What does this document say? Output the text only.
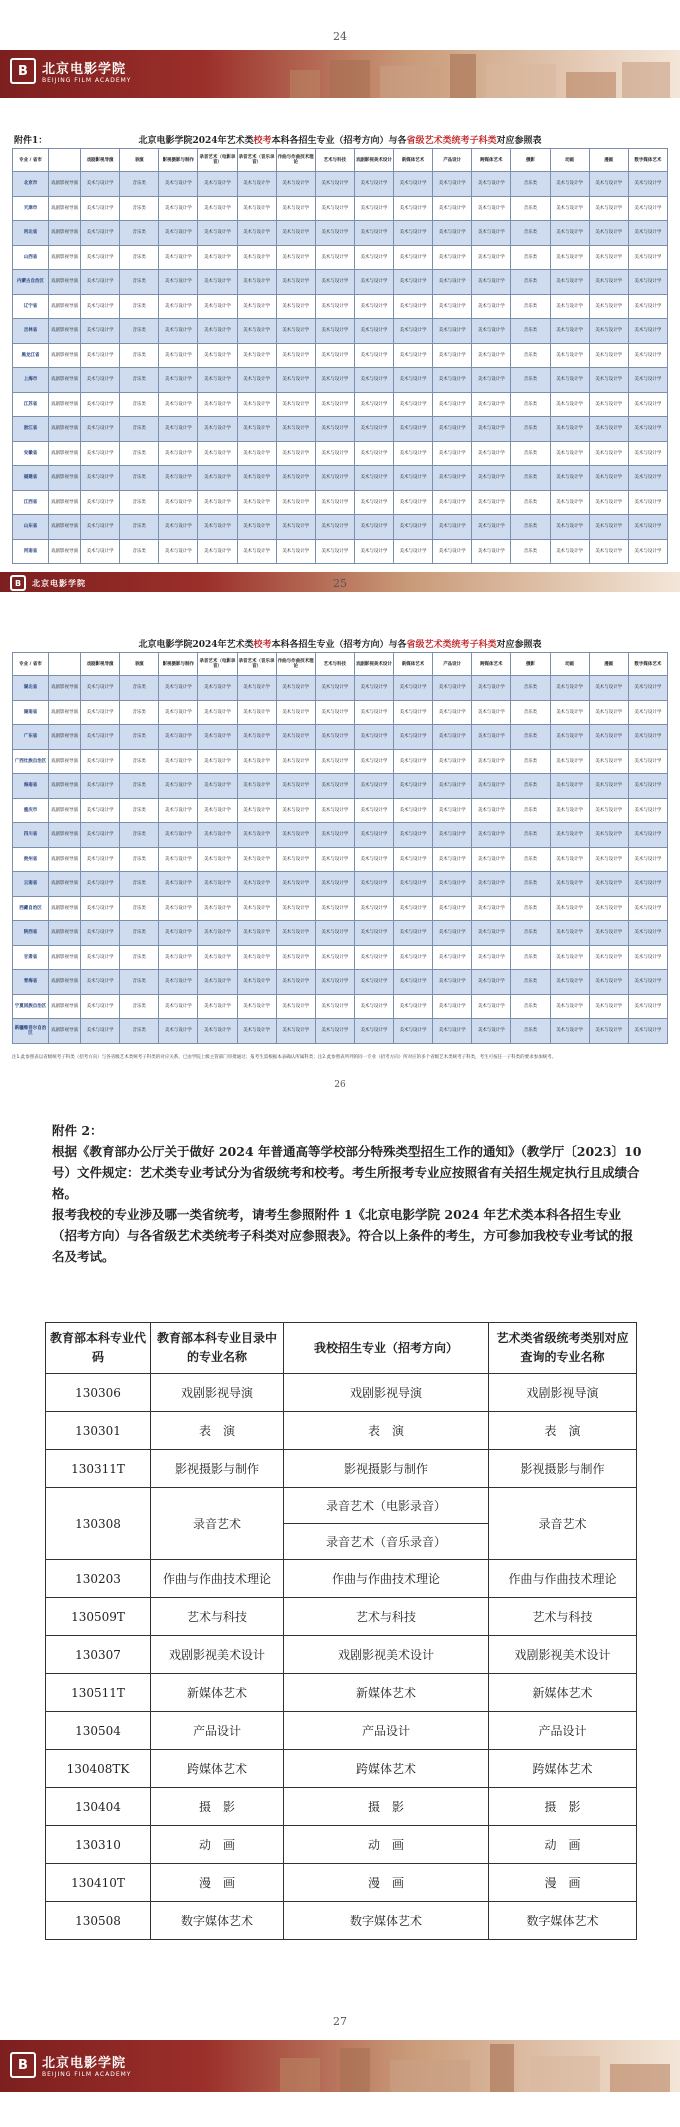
24
B	北京电影学院
BEIJING FILM ACADEMY
附件1：	北京电影学院2024年艺术类校考本科各招生专业（招考方向）与各省级艺术类统考子科类对应参照表
专业 / 省市		戏剧影视导演	表演	影视摄影与制作	录音艺术（电影录音）	录音艺术（音乐录音）	作曲与作曲技术理论	艺术与科技	戏剧影视美术设计	新媒体艺术	产品设计	跨媒体艺术	摄影	动画	漫画	数字媒体艺术
北京市	戏剧影视导演	美术与设计学	音乐类	美术与设计学	美术与设计学	美术与设计学	美术与设计学	美术与设计学	美术与设计学	美术与设计学	美术与设计学	美术与设计学	音乐类	美术与设计学	美术与设计学	美术与设计学
天津市	戏剧影视导演	美术与设计学	音乐类	美术与设计学	美术与设计学	美术与设计学	美术与设计学	美术与设计学	美术与设计学	美术与设计学	美术与设计学	美术与设计学	音乐类	美术与设计学	美术与设计学	美术与设计学
河北省	戏剧影视导演	美术与设计学	音乐类	美术与设计学	美术与设计学	美术与设计学	美术与设计学	美术与设计学	美术与设计学	美术与设计学	美术与设计学	美术与设计学	音乐类	美术与设计学	美术与设计学	美术与设计学
山西省	戏剧影视导演	美术与设计学	音乐类	美术与设计学	美术与设计学	美术与设计学	美术与设计学	美术与设计学	美术与设计学	美术与设计学	美术与设计学	美术与设计学	音乐类	美术与设计学	美术与设计学	美术与设计学
内蒙古自治区	戏剧影视导演	美术与设计学	音乐类	美术与设计学	美术与设计学	美术与设计学	美术与设计学	美术与设计学	美术与设计学	美术与设计学	美术与设计学	美术与设计学	音乐类	美术与设计学	美术与设计学	美术与设计学
辽宁省	戏剧影视导演	美术与设计学	音乐类	美术与设计学	美术与设计学	美术与设计学	美术与设计学	美术与设计学	美术与设计学	美术与设计学	美术与设计学	美术与设计学	音乐类	美术与设计学	美术与设计学	美术与设计学
吉林省	戏剧影视导演	美术与设计学	音乐类	美术与设计学	美术与设计学	美术与设计学	美术与设计学	美术与设计学	美术与设计学	美术与设计学	美术与设计学	美术与设计学	音乐类	美术与设计学	美术与设计学	美术与设计学
黑龙江省	戏剧影视导演	美术与设计学	音乐类	美术与设计学	美术与设计学	美术与设计学	美术与设计学	美术与设计学	美术与设计学	美术与设计学	美术与设计学	美术与设计学	音乐类	美术与设计学	美术与设计学	美术与设计学
上海市	戏剧影视导演	美术与设计学	音乐类	美术与设计学	美术与设计学	美术与设计学	美术与设计学	美术与设计学	美术与设计学	美术与设计学	美术与设计学	美术与设计学	音乐类	美术与设计学	美术与设计学	美术与设计学
江苏省	戏剧影视导演	美术与设计学	音乐类	美术与设计学	美术与设计学	美术与设计学	美术与设计学	美术与设计学	美术与设计学	美术与设计学	美术与设计学	美术与设计学	音乐类	美术与设计学	美术与设计学	美术与设计学
浙江省	戏剧影视导演	美术与设计学	音乐类	美术与设计学	美术与设计学	美术与设计学	美术与设计学	美术与设计学	美术与设计学	美术与设计学	美术与设计学	美术与设计学	音乐类	美术与设计学	美术与设计学	美术与设计学
安徽省	戏剧影视导演	美术与设计学	音乐类	美术与设计学	美术与设计学	美术与设计学	美术与设计学	美术与设计学	美术与设计学	美术与设计学	美术与设计学	美术与设计学	音乐类	美术与设计学	美术与设计学	美术与设计学
福建省	戏剧影视导演	美术与设计学	音乐类	美术与设计学	美术与设计学	美术与设计学	美术与设计学	美术与设计学	美术与设计学	美术与设计学	美术与设计学	美术与设计学	音乐类	美术与设计学	美术与设计学	美术与设计学
江西省	戏剧影视导演	美术与设计学	音乐类	美术与设计学	美术与设计学	美术与设计学	美术与设计学	美术与设计学	美术与设计学	美术与设计学	美术与设计学	美术与设计学	音乐类	美术与设计学	美术与设计学	美术与设计学
山东省	戏剧影视导演	美术与设计学	音乐类	美术与设计学	美术与设计学	美术与设计学	美术与设计学	美术与设计学	美术与设计学	美术与设计学	美术与设计学	美术与设计学	音乐类	美术与设计学	美术与设计学	美术与设计学
河南省	戏剧影视导演	美术与设计学	音乐类	美术与设计学	美术与设计学	美术与设计学	美术与设计学	美术与设计学	美术与设计学	美术与设计学	美术与设计学	美术与设计学	音乐类	美术与设计学	美术与设计学	美术与设计学
B	北京电影学院	25
北京电影学院2024年艺术类校考本科各招生专业（招考方向）与各省级艺术类统考子科类对应参照表
专业 / 省市		戏剧影视导演	表演	影视摄影与制作	录音艺术（电影录音）	录音艺术（音乐录音）	作曲与作曲技术理论	艺术与科技	戏剧影视美术设计	新媒体艺术	产品设计	跨媒体艺术	摄影	动画	漫画	数字媒体艺术
湖北省	戏剧影视导演	美术与设计学	音乐类	美术与设计学	美术与设计学	美术与设计学	美术与设计学	美术与设计学	美术与设计学	美术与设计学	美术与设计学	美术与设计学	音乐类	美术与设计学	美术与设计学	美术与设计学
湖南省	戏剧影视导演	美术与设计学	音乐类	美术与设计学	美术与设计学	美术与设计学	美术与设计学	美术与设计学	美术与设计学	美术与设计学	美术与设计学	美术与设计学	音乐类	美术与设计学	美术与设计学	美术与设计学
广东省	戏剧影视导演	美术与设计学	音乐类	美术与设计学	美术与设计学	美术与设计学	美术与设计学	美术与设计学	美术与设计学	美术与设计学	美术与设计学	美术与设计学	音乐类	美术与设计学	美术与设计学	美术与设计学
广西壮族自治区	戏剧影视导演	美术与设计学	音乐类	美术与设计学	美术与设计学	美术与设计学	美术与设计学	美术与设计学	美术与设计学	美术与设计学	美术与设计学	美术与设计学	音乐类	美术与设计学	美术与设计学	美术与设计学
海南省	戏剧影视导演	美术与设计学	音乐类	美术与设计学	美术与设计学	美术与设计学	美术与设计学	美术与设计学	美术与设计学	美术与设计学	美术与设计学	美术与设计学	音乐类	美术与设计学	美术与设计学	美术与设计学
重庆市	戏剧影视导演	美术与设计学	音乐类	美术与设计学	美术与设计学	美术与设计学	美术与设计学	美术与设计学	美术与设计学	美术与设计学	美术与设计学	美术与设计学	音乐类	美术与设计学	美术与设计学	美术与设计学
四川省	戏剧影视导演	美术与设计学	音乐类	美术与设计学	美术与设计学	美术与设计学	美术与设计学	美术与设计学	美术与设计学	美术与设计学	美术与设计学	美术与设计学	音乐类	美术与设计学	美术与设计学	美术与设计学
贵州省	戏剧影视导演	美术与设计学	音乐类	美术与设计学	美术与设计学	美术与设计学	美术与设计学	美术与设计学	美术与设计学	美术与设计学	美术与设计学	美术与设计学	音乐类	美术与设计学	美术与设计学	美术与设计学
云南省	戏剧影视导演	美术与设计学	音乐类	美术与设计学	美术与设计学	美术与设计学	美术与设计学	美术与设计学	美术与设计学	美术与设计学	美术与设计学	美术与设计学	音乐类	美术与设计学	美术与设计学	美术与设计学
西藏自治区	戏剧影视导演	美术与设计学	音乐类	美术与设计学	美术与设计学	美术与设计学	美术与设计学	美术与设计学	美术与设计学	美术与设计学	美术与设计学	美术与设计学	音乐类	美术与设计学	美术与设计学	美术与设计学
陕西省	戏剧影视导演	美术与设计学	音乐类	美术与设计学	美术与设计学	美术与设计学	美术与设计学	美术与设计学	美术与设计学	美术与设计学	美术与设计学	美术与设计学	音乐类	美术与设计学	美术与设计学	美术与设计学
甘肃省	戏剧影视导演	美术与设计学	音乐类	美术与设计学	美术与设计学	美术与设计学	美术与设计学	美术与设计学	美术与设计学	美术与设计学	美术与设计学	美术与设计学	音乐类	美术与设计学	美术与设计学	美术与设计学
青海省	戏剧影视导演	美术与设计学	音乐类	美术与设计学	美术与设计学	美术与设计学	美术与设计学	美术与设计学	美术与设计学	美术与设计学	美术与设计学	美术与设计学	音乐类	美术与设计学	美术与设计学	美术与设计学
宁夏回族自治区	戏剧影视导演	美术与设计学	音乐类	美术与设计学	美术与设计学	美术与设计学	美术与设计学	美术与设计学	美术与设计学	美术与设计学	美术与设计学	美术与设计学	音乐类	美术与设计学	美术与设计学	美术与设计学
新疆维吾尔自治区	戏剧影视导演	美术与设计学	音乐类	美术与设计学	美术与设计学	美术与设计学	美术与设计学	美术与设计学	美术与设计学	美术与设计学	美术与设计学	美术与设计学	音乐类	美术与设计学	美术与设计学	美术与设计学
注1.此参照表以省级统考子科类（招考方向）与各省级艺术类统考子科类的对应关系，已由学院上级主管部门审批通过；报考生需根据本表确认所属科类；注2.此参照表所列的同一专业（招考方向）所对应的多个省级艺术类统考子科类，考生可按任一子科类的要求参加统考。
26

附件 2：

根据《教育部办公厅关于做好 2024 年普通高等学校部分特殊类型招生工作的通知》（教学厅〔2023〕10 号）文件规定：艺术类专业考试分为省级统考和校考。考生所报考专业应按照省有关招生规定执行且成绩合格。

报考我校的专业涉及哪一类省统考，请考生参照附件 1《北京电影学院 2024 年艺术类本科各招生专业（招考方向）与各省级艺术类统考子科类对应参照表》。符合以上条件的考生，方可参加我校专业考试的报名及考试。

教育部本科专业代码	教育部本科专业目录中的专业名称	我校招生专业（招考方向）	艺术类省级统考类别对应查询的专业名称
130306	戏剧影视导演	戏剧影视导演	戏剧影视导演
130301	表　演	表　演	表　演
130311T	影视摄影与制作	影视摄影与制作	影视摄影与制作
130308	录音艺术	录音艺术（电影录音）	录音艺术
		录音艺术（音乐录音）	
130203	作曲与作曲技术理论	作曲与作曲技术理论	作曲与作曲技术理论
130509T	艺术与科技	艺术与科技	艺术与科技
130307	戏剧影视美术设计	戏剧影视美术设计	戏剧影视美术设计
130511T	新媒体艺术	新媒体艺术	新媒体艺术
130504	产品设计	产品设计	产品设计
130408TK	跨媒体艺术	跨媒体艺术	跨媒体艺术
130404	摄　影	摄　影	摄　影
130310	动　画	动　画	动　画
130410T	漫　画	漫　画	漫　画
130508	数字媒体艺术	数字媒体艺术	数字媒体艺术
27
B	北京电影学院
BEIJING FILM ACADEMY
